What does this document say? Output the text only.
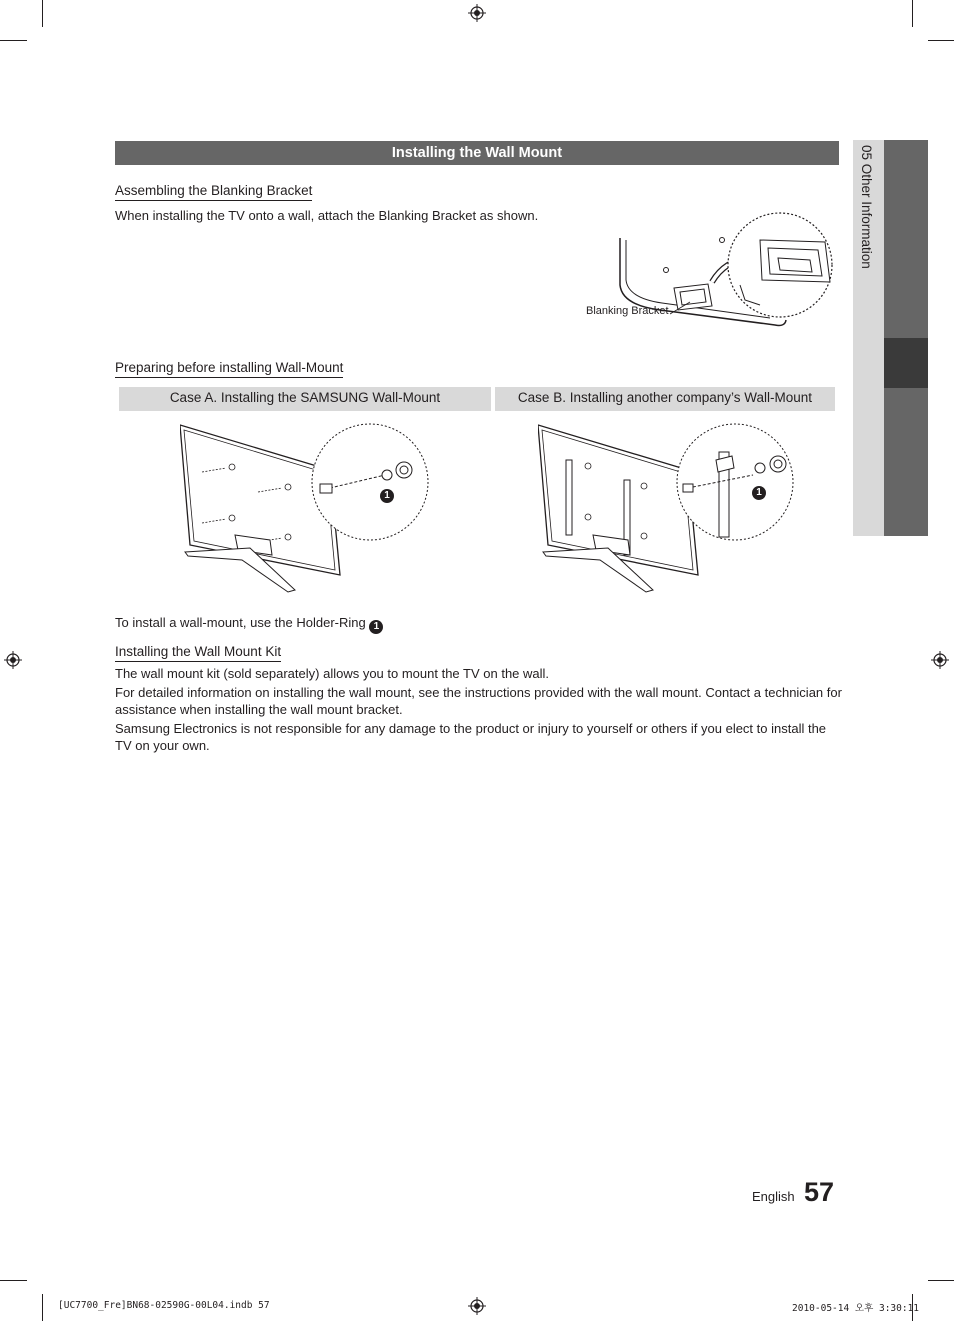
05 Other Information
Installing the Wall Mount
Assembling the Blanking Bracket
When installing the TV onto a wall, attach the Blanking Bracket as shown.
Blanking Bracket
Preparing before installing Wall-Mount
Case A. Installing the SAMSUNG Wall-Mount	Case B. Installing another company’s Wall-Mount
1	1
To install a wall-mount, use the Holder-Ring 1
Installing the Wall Mount Kit
The wall mount kit (sold separately) allows you to mount the TV on the wall.
For detailed information on installing the wall mount, see the instructions provided with the wall mount. Contact a technician for
assistance when installing the wall mount bracket.
Samsung Electronics is not responsible for any damage to the product or injury to yourself or others if you elect to install the
TV on your own.
English 57
[UC7700_Fre]BN68-02590G-00L04.indb 57	2010-05-14 오후 3:30:11
